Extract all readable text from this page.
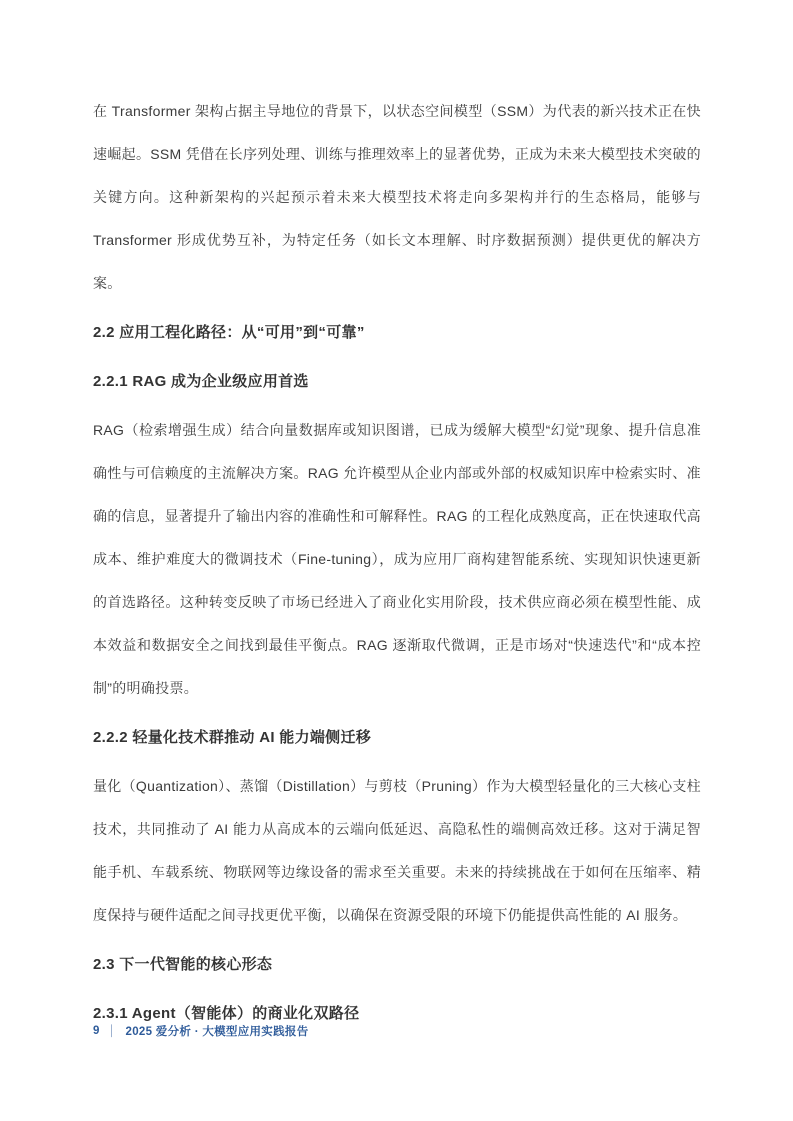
在 Transformer 架构占据主导地位的背景下，以状态空间模型（SSM）为代表的新兴技术正在快速崛起。SSM 凭借在长序列处理、训练与推理效率上的显著优势，正成为未来大模型技术突破的关键方向。这种新架构的兴起预示着未来大模型技术将走向多架构并行的生态格局，能够与 Transformer 形成优势互补，为特定任务（如长文本理解、时序数据预测）提供更优的解决方案。

2.2 应用工程化路径：从“可用”到“可靠”
2.2.1 RAG 成为企业级应用首选

RAG（检索增强生成）结合向量数据库或知识图谱，已成为缓解大模型“幻觉”现象、提升信息准确性与可信赖度的主流解决方案。RAG 允许模型从企业内部或外部的权威知识库中检索实时、准确的信息，显著提升了输出内容的准确性和可解释性。RAG 的工程化成熟度高，正在快速取代高成本、维护难度大的微调技术（Fine-tuning），成为应用厂商构建智能系统、实现知识快速更新的首选路径。这种转变反映了市场已经进入了商业化实用阶段，技术供应商必须在模型性能、成本效益和数据安全之间找到最佳平衡点。RAG 逐渐取代微调，正是市场对“快速迭代”和“成本控制”的明确投票。

2.2.2 轻量化技术群推动 AI 能力端侧迁移

量化（Quantization）、蒸馏（Distillation）与剪枝（Pruning）作为大模型轻量化的三大核心支柱技术，共同推动了 AI 能力从高成本的云端向低延迟、高隐私性的端侧高效迁移。这对于满足智能手机、车载系统、物联网等边缘设备的需求至关重要。未来的持续挑战在于如何在压缩率、精度保持与硬件适配之间寻找更优平衡，以确保在资源受限的环境下仍能提供高性能的 AI 服务。

2.3 下一代智能的核心形态
2.3.1 Agent（智能体）的商业化双路径
9 ｜ 2025 爱分析 · 大模型应用实践报告
